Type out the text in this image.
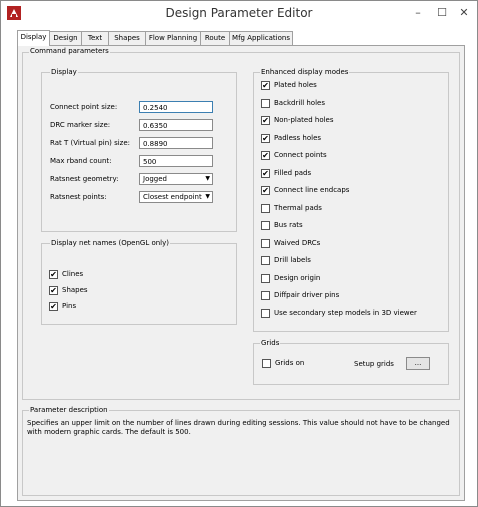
Design Parameter Editor	–	☐	✕
Display	Design	Text	Shapes	Flow Planning	Route Mfg Applications
Command parameters
Display
Connect point size:	0.2540
DRC marker size:	0.6350
Rat T (Virtual pin) size:	0.8890
Max rband count:	500
Ratsnest geometry:	Jogged	▼
Ratsnest points:	Closest endpoint ▼
Display net names (OpenGL only)
✔ Clines
✔ Shapes
✔ Pins
Enhanced display modes
✔ Plated holes
Backdrill holes
✔ Non-plated holes
✔ Padless holes
✔ Connect points
✔ Filled pads
✔ Connect line endcaps
Thermal pads
Bus rats
Waived DRCs
Drill labels
Design origin
Diffpair driver pins
Use secondary step models in 3D viewer
Grids
Grids on	Setup grids	...
Parameter description
Specifies an upper limit on the number of lines drawn during editing sessions. This value should not have to be changed
with modern graphic cards. The default is 500.
